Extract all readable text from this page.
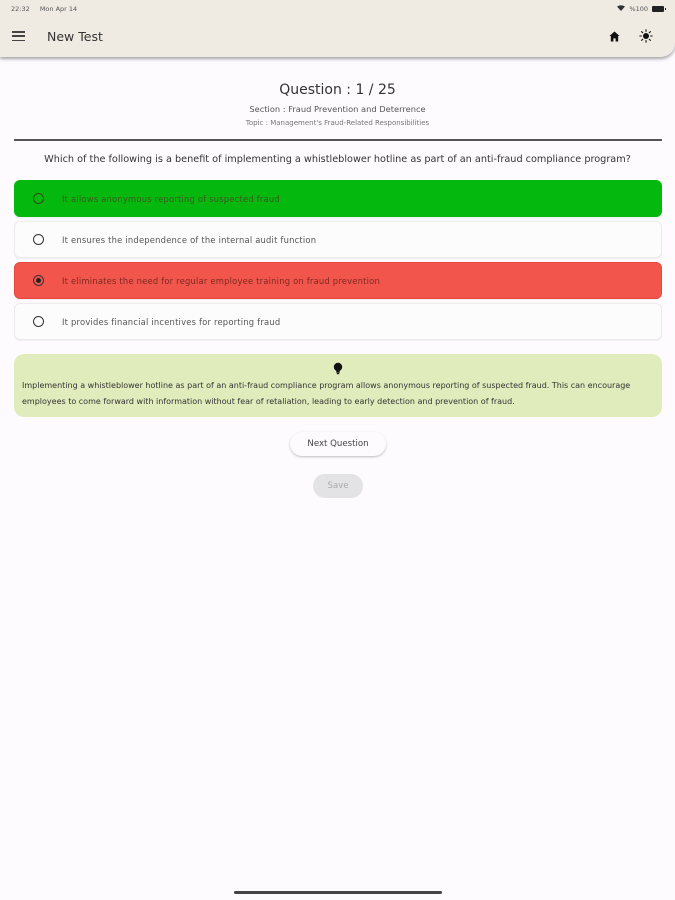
22:32 Mon Apr 14	%100
New Test
Question : 1 / 25
Section : Fraud Prevention and Deterrence
Topic : Management's Fraud-Related Responsibilities
Which of the following is a benefit of implementing a whistleblower hotline as part of an anti-fraud compliance program?
It allows anonymous reporting of suspected fraud
It ensures the independence of the internal audit function
It eliminates the need for regular employee training on fraud prevention
It provides financial incentives for reporting fraud
Implementing a whistleblower hotline as part of an anti-fraud compliance program allows anonymous reporting of suspected fraud. This can encourage employees to come forward with information without fear of retaliation, leading to early detection and prevention of fraud.
Next Question
Save
